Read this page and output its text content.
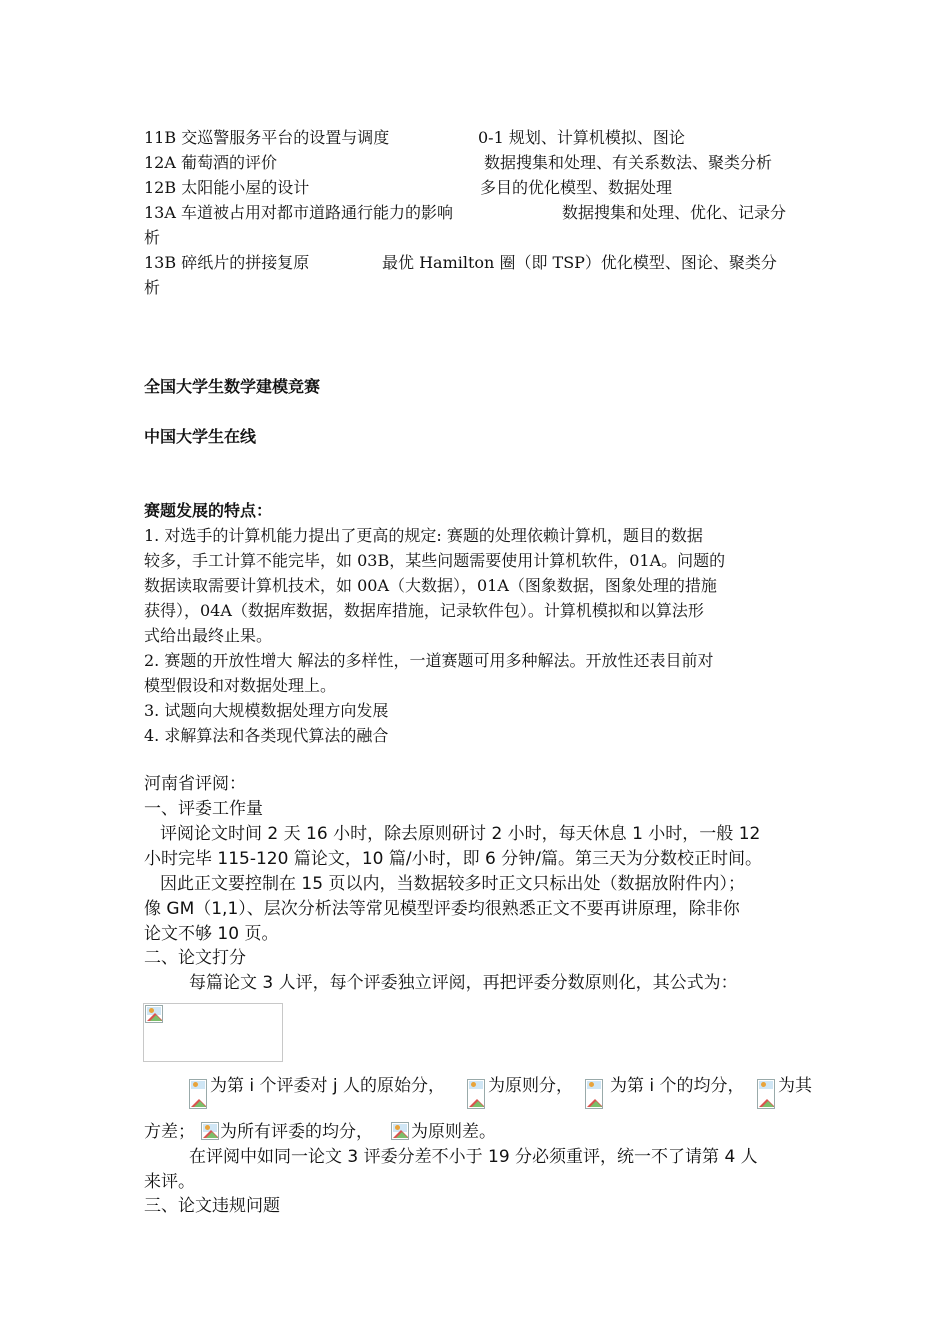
11B 交巡警服务平台的设置与调度	0-1 规划、计算机模拟、图论
12A 葡萄酒的评价	数据搜集和处理、有关系数法、聚类分析
12B 太阳能小屋的设计	多目的优化模型、数据处理
13A 车道被占用对都市道路通行能力的影响	数据搜集和处理、优化、记录分
析
13B 碎纸片的拼接复原	最优 Hamilton 圈（即 TSP）优化模型、图论、聚类分
析
全国大学生数学建模竞赛
中国大学生在线
赛题发展的特点：
1. 对选手的计算机能力提出了更高的规定: 赛题的处理依赖计算机，题目的数据
较多，手工计算不能完毕，如 03B，某些问题需要使用计算机软件，01A。问题的
数据读取需要计算机技术，如 00A（大数据），01A（图象数据，图象处理的措施
获得），04A（数据库数据，数据库措施，记录软件包）。计算机模拟和以算法形
式给出最终止果。
2. 赛题的开放性增大 解法的多样性，一道赛题可用多种解法。开放性还表目前对
模型假设和对数据处理上。
3. 试题向大规模数据处理方向发展
4. 求解算法和各类现代算法的融合
河南省评阅：
一、评委工作量
评阅论文时间 2 天 16 小时，除去原则研讨 2 小时，每天休息 1 小时，一般 12
小时完毕 115-120 篇论文，10 篇/小时，即 6 分钟/篇。第三天为分数校正时间。
因此正文要控制在 15 页以内，当数据较多时正文只标出处（数据放附件内）；
像 GM（1,1）、层次分析法等常见模型评委均很熟悉正文不要再讲原理，除非你
论文不够 10 页。
二、论文打分
每篇论文 3 人评，每个评委独立评阅，再把评委分数原则化，其公式为：
为第 i 个评委对 j 人的原始分，	为原则分，	为第 i 个的均分，	为其
方差；	为所有评委的均分，	为原则差。
在评阅中如同一论文 3 评委分差不小于 19 分必须重评，统一不了请第 4 人
来评。
三、论文违规问题
